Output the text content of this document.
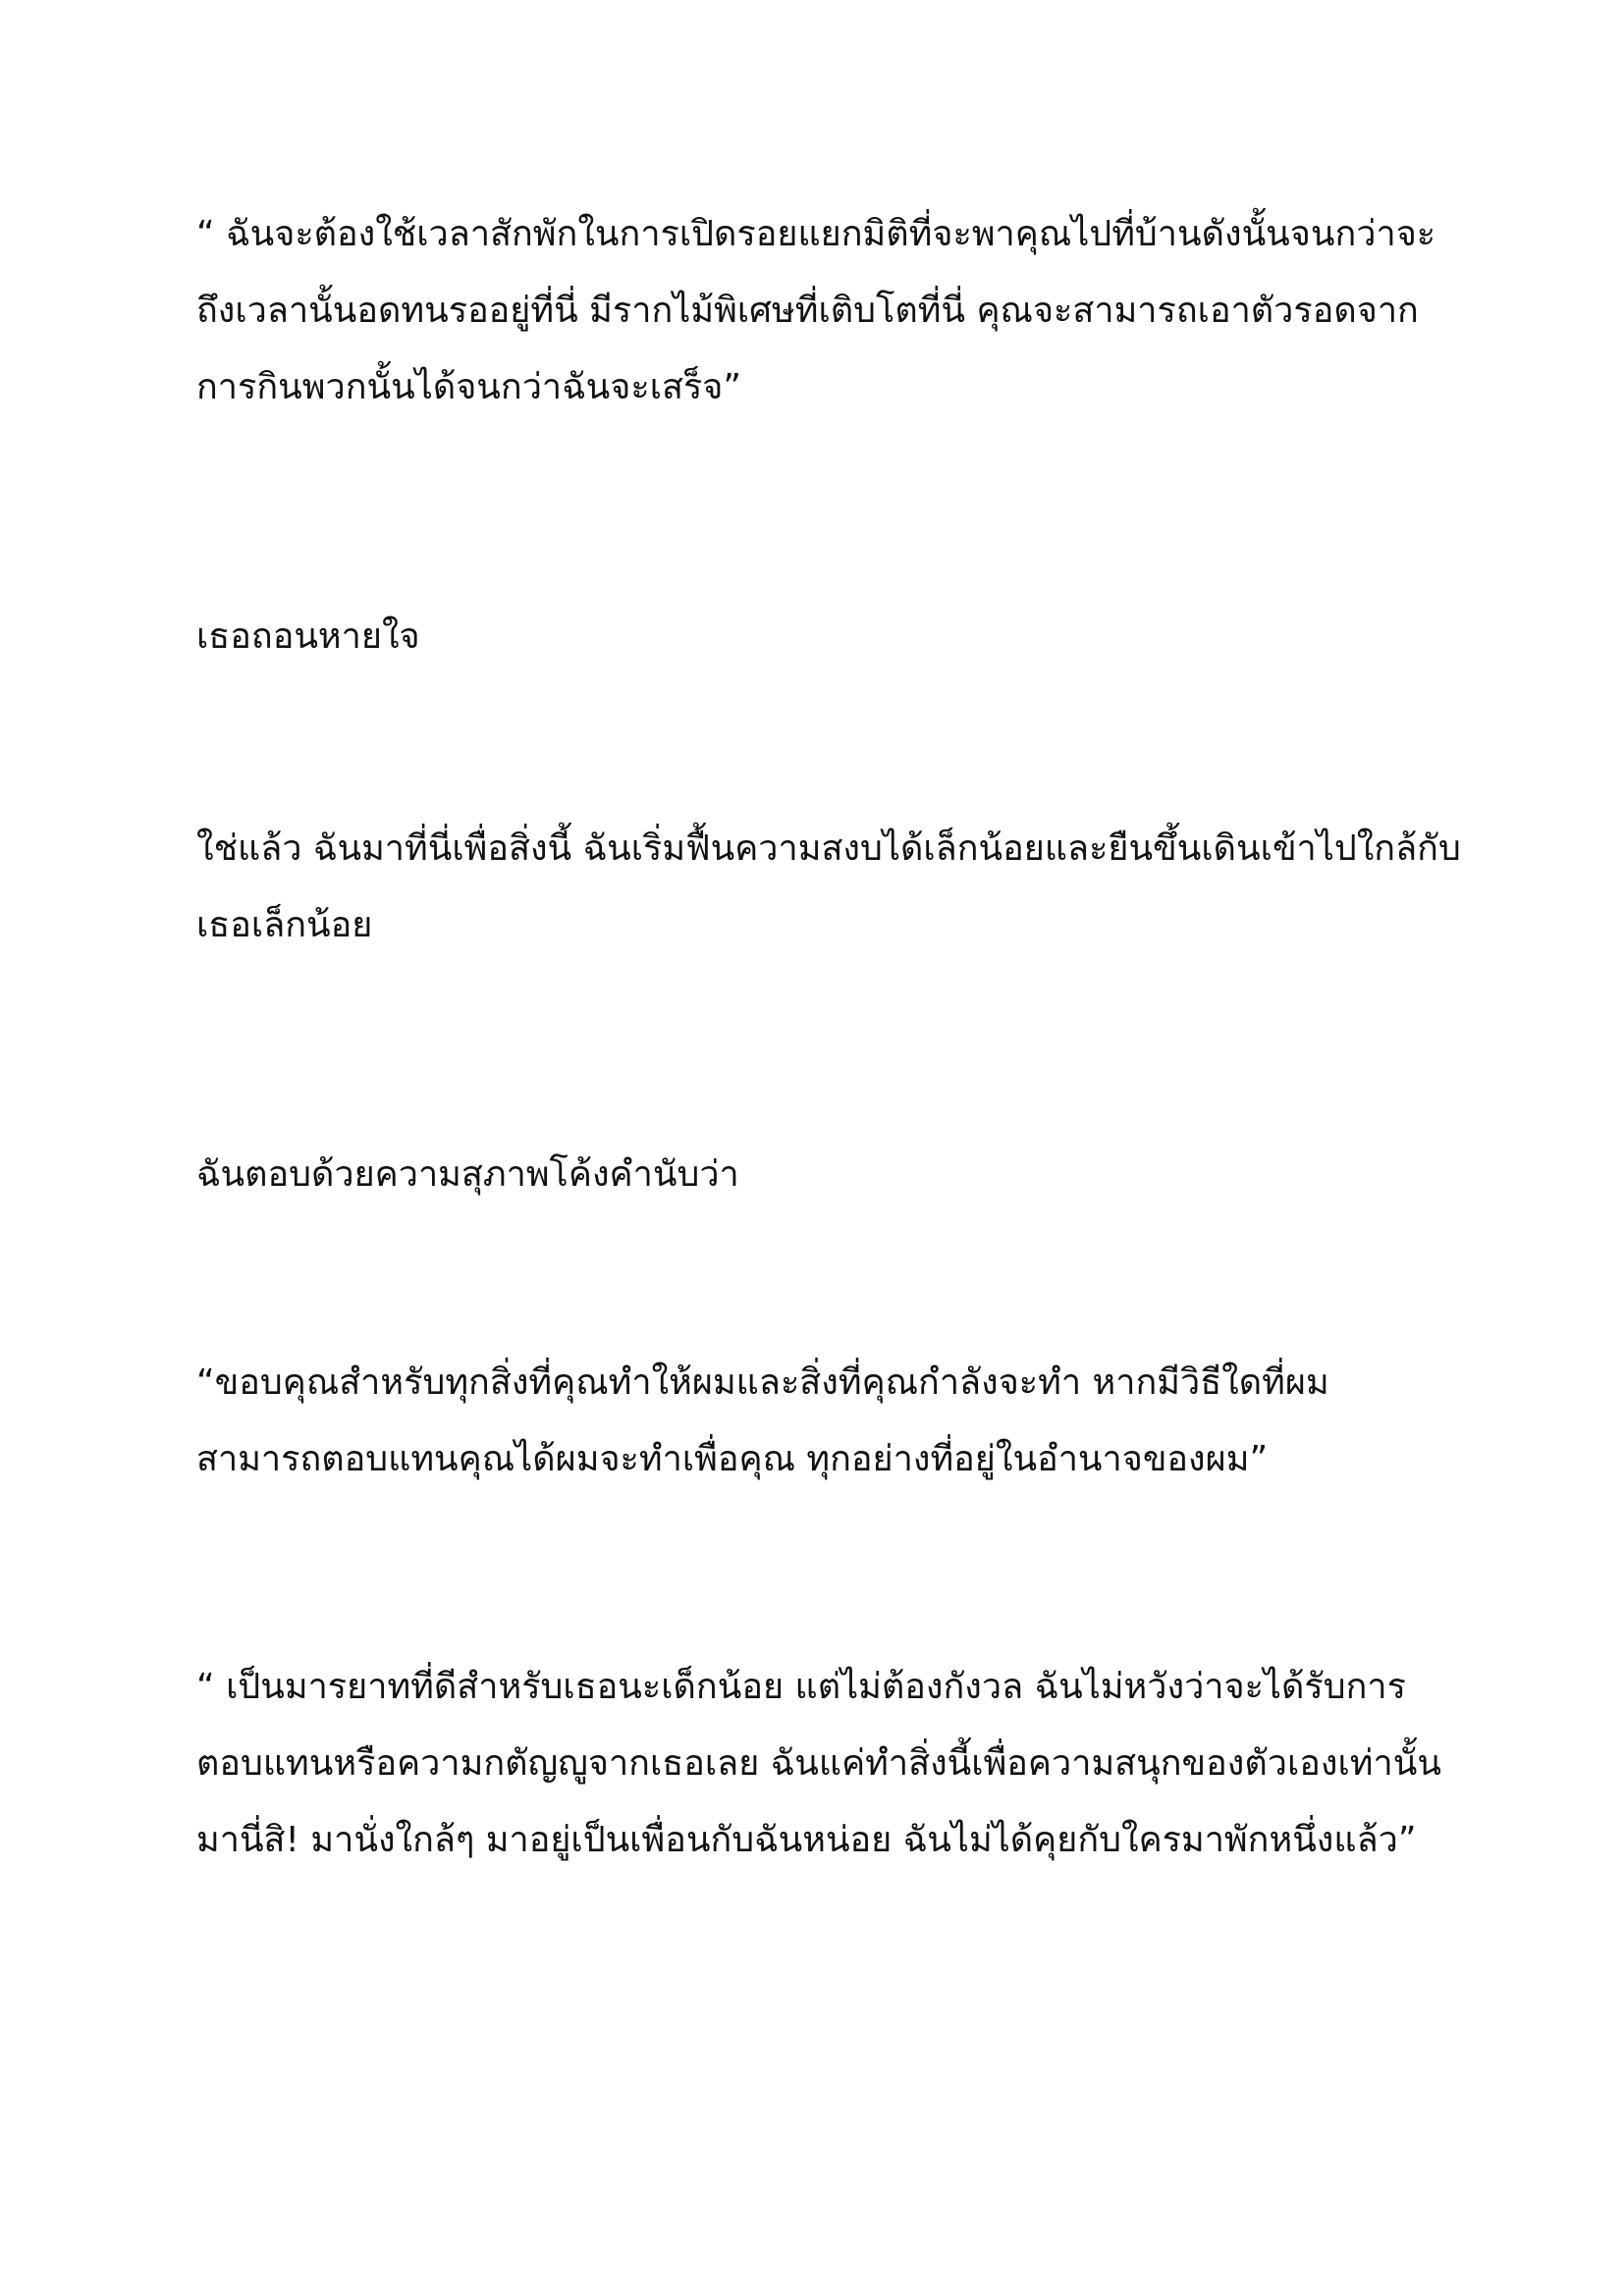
“ ฉันจะต้องใช้เวลาสักพักในการเปิดรอยแยกมิติที่จะพาคุณไปที่บ้านดังนั้นจนกว่าจะ
ถึงเวลานั้นอดทนรออยู่ที่นี่ มีรากไม้พิเศษที่เติบโตที่นี่ คุณจะสามารถเอาตัวรอดจาก
การกินพวกนั้นได้จนกว่าฉันจะเสร็จ”

เธอถอนหายใจ

ใช่แล้ว ฉันมาที่นี่เพื่อสิ่งนี้ ฉันเริ่มฟื้นความสงบได้เล็กน้อยและยืนขึ้นเดินเข้าไปใกล้กับ
เธอเล็กน้อย

ฉันตอบด้วยความสุภาพโค้งคำนับว่า

“ขอบคุณสำหรับทุกสิ่งที่คุณทำให้ผมและสิ่งที่คุณกำลังจะทำ หากมีวิธีใดที่ผม
สามารถตอบแทนคุณได้ผมจะทำเพื่อคุณ ทุกอย่างที่อยู่ในอำนาจของผม”

“ เป็นมารยาทที่ดีสำหรับเธอนะเด็กน้อย แต่ไม่ต้องกังวล ฉันไม่หวังว่าจะได้รับการ
ตอบแทนหรือความกตัญญูจากเธอเลย ฉันแค่ทำสิ่งนี้เพื่อความสนุกของตัวเองเท่านั้น
มานี่สิ! มานั่งใกล้ๆ มาอยู่เป็นเพื่อนกับฉันหน่อย ฉันไม่ได้คุยกับใครมาพักหนึ่งแล้ว”
